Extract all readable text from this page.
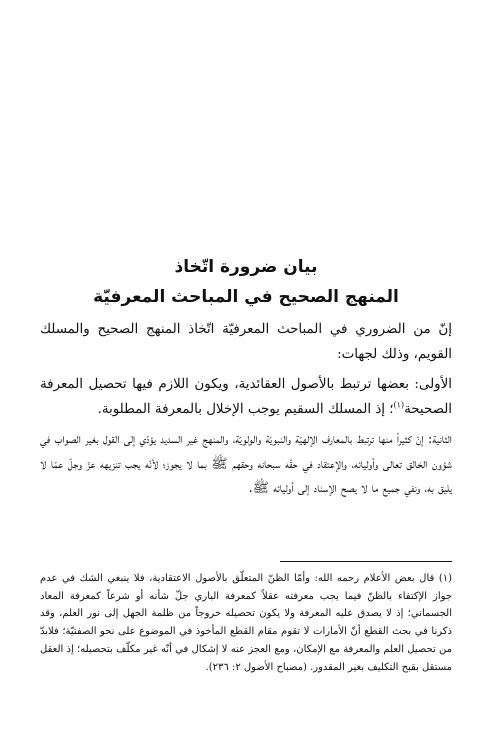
بيان ضرورة اتّخاذ
المنهج الصحيح في المباحث المعرفيّة

إنّ من الضروري في المباحث المعرفيّة اتّخاذ المنهج الصحيح والمسلك القويم، وذلك لجهات:

الأولى: بعضها ترتبط بالأصول العقائدية، ويكون اللازم فيها تحصيل المعرفة الصحيحة$^{(١)}$؛ إذ المسلك السقيم يوجب الإخلال بالمعرفة المطلوبة.

الثانية: إنّ كثيراً منها ترتبط بالمعارف الإلهيّة والنبويّة والولويّة، والمنهج غير السديد يؤدّي إلى القول بغير الصواب في شؤون الخالق تعالى وأوليائه، والإعتقاد في حقّه سبحانه وحقهم ﷺ بما لا يجوز؛ لأنّه يجب تنزيهه عزّ وجلّ عمّا لا يليق به، ونفي جميع ما لا يصح الإسناد إلى أوليائه ﷺ.

(١) قال بعض الأعلام رحمه الله: وأمّا الظنّ المتعلّق بالأصول الاعتقادية، فلا ينبغي الشك في عدم جواز الإكتفاء بالظنّ فيما يجب معرفته عقلاً كمعرفة الباري جلّ شأنه أو شرعاً كمعرفة المعاد الجسماني؛ إذ لا يصدق عليه المعرفة ولا يكون تحصيله خروجاً من ظلمة الجهل إلى نور العلم، وقد ذكرنا في بحث القطع أنّ الأمارات لا تقوم مقام القطع المأخوذ في الموضوع على نحو الصفتيّة؛ فلابدّ من تحصيل العلم والمعرفة مع الإمكان، ومع العجز عنه لا إشكال في أنّه غير مكلّف بتحصيله؛ إذ العقل مستقل بقبح التكليف بغير المقدور. (مصباح الأصول ٢: ٢٣٦).
